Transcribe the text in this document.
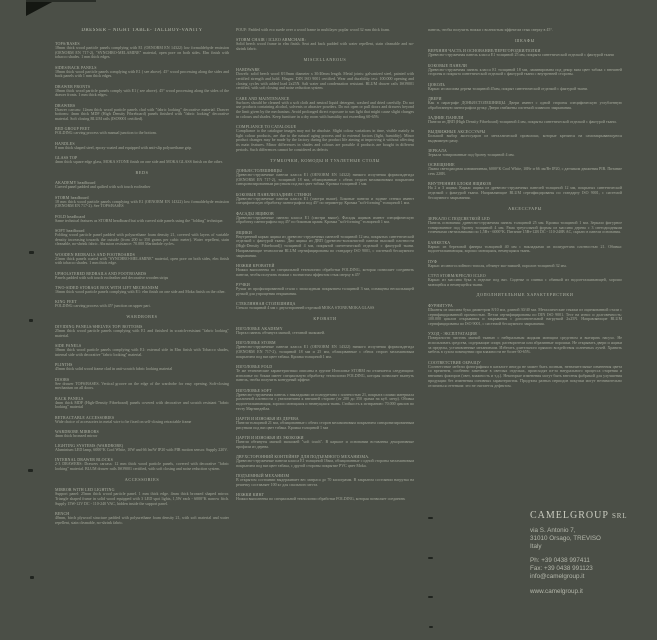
DRESSER – NIGHT TABLE- TALLBOY-VANITY
TOPS/BASES

18mm thick wood particle panels complying with E1 (OENORM EN 14322) low formaldehyde emission (OENORM EN 717-2), "SYNCHRO-MELAMINE" material, open pore on both sides. Elm finish with tobacco shades. 1 mm thick edges.

SIDES/BACK PANELS

18mm thick wood particle panels complying with E1 ( see above). 45° wood processing along the sides and back panels with 1 mm thick edges.

DRAWER FRONTS

18mm thick wood particle panels comply with E1 ( see above). 45° wood processing along the sides of the drawer fronts. 1 mm thick edges.

DRAWERS

Drawer carcass: 12mm thick wood particle panels clad with "fabric looking" decorative material. Drawer bottoms: 4mm thick MDF (High Density Fibreboard) panels finished with "fabric looking" decorative material. Soft closing BLUM rails (ISO9001 certified).

BED GROUP FEET

FOLDING carving process with manual junction to the bottom.

HANDLES

8 mm thick shaped steel, epoxy-coated and equipped with anti-slip polyurethane grip.

GLASS TOP

4mm thick square edge glass, MOKA STONE finish on one side and MOKA GLASS finish on the other.

BEDS
AKADEMY headboard

Curved panel padded and quilted with soft touch ecoleather

STORM headboard

18 mm thick wood particle panels complying with E1 (OENORM EN 14322) low formaldehyde emission (OENORM EN 717-2). See TOPS/BASES

FOLD headboard

Same technical features as STORM headboard but with curved side panels using the "folding" technique.

SOFT headboard

Folding wood particle panel padded with polyurethane foam density 21, covered with layers of variable density increasing towards the outside (from 200 to 350 grams per cubic meter). Water repellent, stain cleanable, no-shrink fabric. Abrasion resistance: 70.000 Martindale cycles.

WOODEN BEDRAILS AND FOOTBOARDS

21mm thick panels coated with "SYNCHRO-MELAMINE" material, open pore on both sides, elm finish with tobacco shades. 1 mm thick edge.

UPHOLSTERED BEDRAILS AND FOOTBOARDS

Panels padded with soft touch ecoleather and decorative wooden strips

TWO-SIDED STORAGE BOX WITH LIFT MECHANISM

16mm thick wood particle panels complying with E1: elm finish on one side and Moka finish on the other.

KING FEET

FOLDING carving process with 45° junction on upper part.

WARDROBES
DIVIDING PANELS/SHELVES TOP/ BOTTOMS

25mm thick wood particle panels complying with E1 and finished in scratch-resistant "fabric looking" material.

SIDE PANELS

18mm thick wood particle panels complying with E1: external side in Elm finish with Tobacco shades, internal side with decorative "fabric looking" material.

PLINTHS

45mm thick solid wood frame clad in anti-scratch fabric looking material

DOORS

See drawer TOPS/BASES. Vertical groove on the edge of the wardrobe for easy opening. Soft-closing mechanism on all doors.

BACK PANELS

4mm thick MDF (High-Density Fibreboard) panels covered with decorative and scratch resistant "fabric looking" material

RETRACTABLE ACCESSORIES

Wide choice of accessories in metal wire to be fixed on self-closing retractable frame

WARDROBE MIRRORS

4mm thick bronzed mirror

LIGHTING SYSTEMS (WARDROBE)

Aluminium LED lamp, 6000°K Cool White, 10W and 66 lm/W IP20 with PIR motion sensor. Supply 220V.

INTERNAL DRAWER BLOCKS

2-3 DRAWERS: Drawers carcass: 12 mm thick wood particle panels, covered with decorative "fabric looking" material. BLUM drawer rails ISO9001 certified, with soft closing and noise reduction system.

ACCESSORIES
MIRROR WITH LED LIGHTING

Support panel: 25mm thick wood particle panel. 1 mm thick edge. 4mm thick bronzed shaped mirror. Triangle shaped frame in solid wood equipped with 3 LED spot lights, 1,5W each - 6000°K narrow fitch. Supply 15W-12V DC - 110-240 VAC, hidden inside the support panel.

BENCH

40mm, birch plywood structure padded with polyurethane foam density 21, with soft material and water repellent, stain cleanable, no-shrink fabric.

POUF: Padded with eco suede over a wood frame in multilayer poplar wood 32 mm thick foam.

STORM CHAIR / ICLEO ARMCHAIR:

Solid beech wood frame in elm finish. Seat and back padded with water repellent, stain cleanable and no-shrink fabric.

MISCELLANEOUS
HARDWARE

Dowels: solid beech wood 8/10mm diameter x 30/40mm length. Metal joints: galvanized steel, painted with certified strength and hold. Hinges: DIN ISO 9001 certified. Wear and durability test: 100.000 opening and closing cycles with added load 2x25N. Salt water and condensation resistant. BLUM drawer rails ISO9001 certified, with soft closing and noise reduction system.

CARE AND MAINTENANCE

Surfaces should be cleaned with a soft cloth and neutral liquid detergent, washed and dried carefully. Do not use products containing alcohol, solvents or abrasive powders. Do not open or pull doors and drawers beyond the limit given by the mechanism. Avoid prolonged direct exposure to sun light that might cause slight changes in colours and shades. Keep furniture in a dry room with humidity not exceeding 60-65%

COMPLIANCE TO CATALOGUE

Compliance to the catalogue images may not be absolute. Slight colour variations in time, visible mainly in light colour products, are due to the natural aging process and to external factors (light, humidity). Minor product changes may be made by the factory during the product life aiming at improving it without affecting its main features. Minor differences in shades and colours are possible if products are bought in different periods. Such differences cannot be considered as defects

ТУМБОЧКИ, КОМОДЫ И ТУАЛЕТНЫЕ СТОЛЫ
ДОНЬЯ/СТОЛЕШНИЦЫ

Древесно-стружечные панели класса E1 (OENORM EN 14322) низкого излучения формальдегида (OENORM EN 717-2), толщиной 18 мм, облицованные с обеих сторон меламиновым покрытием синхронизированным рисунком под вяз цвет табака. Кромка толщиной 1 мм.

БОКОВЫЕ ПАНЕЛИ/ЗАДНИЕ СТЕНКИ

Древесно-стружечные панели класса E1 (смотри выше). Боковые панели и задние стенки имеют специфическую обработку пантографом под 45° по периметру. Кромка "soft-forming" толщиной 1 мм.

ФАСАДЫ ЯЩИКОВ

Древесно-стружечные панели класса E1 (смотри выше). Фасады ящиков имеют специфическую обработку пантографом под 45° по боковым краям. Кромка "soft-forming" толщиной 1 мм.

ЯЩИКИ

Внутренний каркас ящика из древесно-стружечных панелей толщиной 12 мм, покрытых синтетической отделкой с фактурой ткани. Дно ящика из ДВП (древесно-волокнистой панели высокой плотности (High-Density Fibreboard)) толщиной 4 мм, покрытой синтетической отделкой с фактурой ткани. Направляющие технологии BLUM сертифицированы по стандарту ISO 9001, с системой бесшумного закрывания.

НОЖКИ КРОВАТЕЙ

Ножки выполнены по специальной технологии обработки FOLDING, которая позволяет соединить панели, чтобы получить ножки с волнистым эффектом стык сверху в 45°

РУЧКИ

Ручки из профилированной стали с эпоксидным покрытием толщиной 3 мм, оснащены нескользящей ручкой для упрощения открывания.

СТЕКЛЯННАЯ СТОЛЕШНИЦА

Стекло толщиной 4 мм с двухсторонней отделкой MOKA STONE/MOKA GLASS

КРОВАТИ
ИЗГОЛОВЬЕ AKADEMY

Портал панель обтянута мягкой, стеганой экокожей.

ИЗГОЛОВЬЕ STORM

Древесно-стружечные панели класса E1 (OENORM EN 14322) низкого излучения формальдегида (OENORM EN 717-2), толщиной 18 мм и 25 мм, облицованные с обеих сторон меламиновым покрытием под вяз цвет табака. Кромка толщиной 1 мм.

ИЗГОЛОВЬЕ FOLD

Те же технические характеристики описаны в группе Изголовье STORM но отличается следующим: изголовье по бокам имеет специальную обработку технологии FOLDING, которая позволяет выгнуть панель, чтобы получить контурный эффект.

ИЗГОЛОВЬЕ SOFT

Древесно-стружечная панель с накладками из полиуретана с плотностью 21, покрыта слоями материала различной плотности с увеличением к внешней стороне (от 200 до 350 грамм на куб. метр). Обивка водоотталкивающая, хорошо моющаяся и немнущаяся ткань. Стойкость к истиранию: 70.000 циклов по тесту Мартиндейла.

ЦАРГИ И ИЗНОЖЬЯ ИЗ ДЕРЕВА

Панели толщиной 21 мм, облицованные с обеих сторон меламиновым покрытием синхронизированным рисунком под вяз цвет табака. Кромка толщиной 1 мм

ЦАРГИ И ИЗНОЖЬЯ ИЗ ЭКОКОЖИ

Панели обтянуты мягкой экокожей "soft touch". В каркасе и основании вставлены декоративные профили из дерева.

ДВУХСТОРОННИЙ КОНТЕЙНЕР ДЛЯ ПОДЪЕМНОГО МЕХАНИЗМА.

Древесно-стружечные панели класса E1 толщиной 16мм, облицованные с одной стороны меламиновым покрытием под вяз цвет табака, с другой стороны покрытие PVC цвет Moka.

ПОДЪЕМНЫЙ МЕХАНИЗМ

В открытом состоянии выдерживает вес матраса до 70 килограмм. В закрытом состоянии нагрузка на решетку составляет 100 кг для спального места.

НОЖКИ КИНГ

Ножки выполнены по специальной технологии обработки FOLDING, которая позволяет соединить

панель, чтобы получить ножки с волнистым эффектом стык сверху в 45°.

ШКАФЫ
ВЕРХНЯЯ ЧАСТЬ И ОСНОВАНИЕ/ПЕРЕГОРОДКИ/ПОЛКИ

Древесно-стружечная панель класса E1 толщиной 25 мм, покрыта синтетической отделкой с фактурой ткани

БОКОВЫЕ ПАНЕЛИ

Древесно-стружечная панель класса E1 толщиной 18 мм, ламинирована под декор вяза цвет табака с внешней стороны и покрыта синтетической отделкой с фактурой ткани с внутренней стороны.

ЦОКОЛЬ

Каркас из массива дерева толщиной 45мм, покрыт синтетической отделкой с фактурой ткани.

ДВЕРИ

Как в параграфе ДОНЬЯ/СТОЛЕШНИЦЫ. Двери имеют с одной стороны специфическую углубленную обработанную пантографом ручку. Двери снабжены системой плавного закрывания.

ЗАДНИЕ ПАНЕЛИ

Панели из ДВП (High Density Fibreboard) толщиной 4 мм, покрыты синтетической отделкой с фактурой ткани.

ВЫДВИЖНЫЕ АКСЕССУАРЫ

Большой выбор аксессуаров из металлической проволоки, которые крепятся на самозакрывающуюся выдвижную раму.

ЗЕРКАЛА

Зеркала тонированные под бронзу толщиной 4 мм.

ОСВЕЩЕНИЕ

Лампа светодиодная алюминиевая, 6000°K Cool White, 10Вт и 66 лм/Вт IP20, с датчиком движения PIR. Питание сеть 220В.

ВНУТРЕННИЕ БЛОКИ ЯЩИКОВ

На 2 и 3 ящика. Каркас ящика из древесно-стружечных панелей толщиной 12 мм, покрытых синтетической отделкой с фактурой ткани. Направляющие BLUM сертифицированы по стандарту ISO 9001, с системой бесшумного закрывания.

АКСЕССУАРЫ
ЗЕРКАЛО С ПОДСВЕТКОЙ LED

Панель основания: древесно-стружечная панель толщиной 25 мм. Кромка толщиной 1 мм. Зеркало фигурное тонированное под бронзу толщиной 4 мм. Рама треугольной формы из массива дерева с 3 светодиодными точечными светильниками по 1,5Вт - 6000°K. Питание 15Вт-12В DC - 110-240В AC, скрыто в панели основания.

БАНКЕТКА

Каркас из березовой фанеры толщиной 40 мм с накладками из полиуретана плотностью 21. Обивка: водоотталкивающая, хорошо моющаяся, немнущаяся ткань.

ПУФ

Каркас из многослойного тополя, обтянут эко-замшей, поролон толщиной 32 мм.

СТУЛ STORM/КРЕСЛО ICLEO

Каркас из массива бука в отделке под вяз. Сиденье и спинка с обивкой из водоотталкивающей, хорошо моющейся и немнущейся ткани.

ДОПОЛНИТЕЛЬНЫЕ ХАРАКТЕРИСТИКИ
ФУРНИТУРА

Шканты из массива бука диаметром 8/10 мм, длиной 30/40 мм. Металлические стяжки из оцинкованной стали с сертифицированной прочностью. Петли сертифицированы по DIN ISO 9001. Тест на износ и долговечность: 100.000 циклов открывания и закрывания с дополнительной нагрузкой 2x25N. Направляющие BLUM сертифицированы по ISO 9001, с системой бесшумного закрывания.

УХОД - ЭКСПЛУАТАЦИЯ

Поверхности чистить мягкой тканью с нейтральным жидким моющим средством и вытирать насухо. Не использовать средства, содержащие спирт, растворители или абразивные порошки. Не открывать двери и ящики за пределы, установленные механизмом. Избегать длительного прямого воздействия солнечных лучей. Хранить мебель в сухом помещении при влажности не более 60-65%.

СООТВЕТСТВИЕ ОБРАЗЦУ

Соответствие мебели фотографиям в каталоге иногда не может быть полным, незначительные изменения цвета со временем, особенно заметные в светлых отделках, происходят из-за натурального процесса старения и внешних факторов (свет, влажность и т.д.). Некоторые изменения могут быть внесены фабрикой для улучшения продукции без изменения основных характеристик. Продукты разных периодов покупки могут незначительно отличаться оттенком: это не считается дефектом.

CAMELGROUP SRL
via S. Antonio 7,
31010 Orsago, TREVISO
Italy
Ph: +39 0438 997411
Fax: +39 0438 991123
info@camelgroup.it
www.camelgroup.it
